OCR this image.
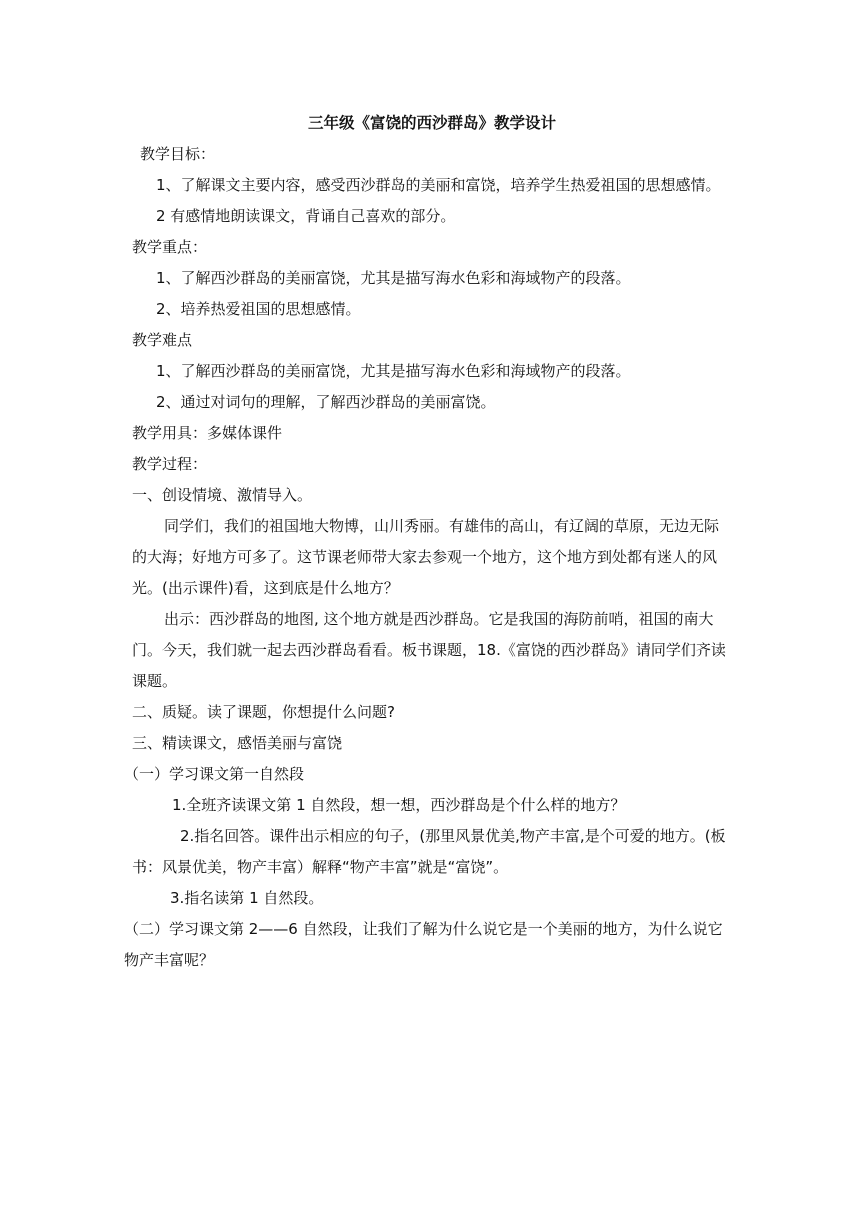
三年级《富饶的西沙群岛》教学设计

教学目标：

1、了解课文主要内容，感受西沙群岛的美丽和富饶，培养学生热爱祖国的思想感情。

2 有感情地朗读课文，背诵自己喜欢的部分。

教学重点：

1、了解西沙群岛的美丽富饶，尤其是描写海水色彩和海域物产的段落。

2、培养热爱祖国的思想感情。

教学难点

1、了解西沙群岛的美丽富饶，尤其是描写海水色彩和海域物产的段落。

2、通过对词句的理解，了解西沙群岛的美丽富饶。

教学用具：多媒体课件

教学过程：

一、创设情境、激情导入。

同学们，我们的祖国地大物博，山川秀丽。有雄伟的高山，有辽阔的草原，无边无际的大海；好地方可多了。这节课老师带大家去参观一个地方，这个地方到处都有迷人的风光。(出示课件)看，这到底是什么地方？

出示：西沙群岛的地图, 这个地方就是西沙群岛。它是我国的海防前哨，祖国的南大门。今天，我们就一起去西沙群岛看看。板书课题，18.《富饶的西沙群岛》请同学们齐读课题。

二、质疑。读了课题，你想提什么问题?

三、精读课文，感悟美丽与富饶

（一）学习课文第一自然段

1.全班齐读课文第 1 自然段，想一想，西沙群岛是个什么样的地方？

2.指名回答。课件出示相应的句子，(那里风景优美,物产丰富,是个可爱的地方。(板书：风景优美，物产丰富）解释“物产丰富”就是“富饶”。

3.指名读第 1 自然段。

（二）学习课文第 2——6 自然段，让我们了解为什么说它是一个美丽的地方，为什么说它物产丰富呢？
